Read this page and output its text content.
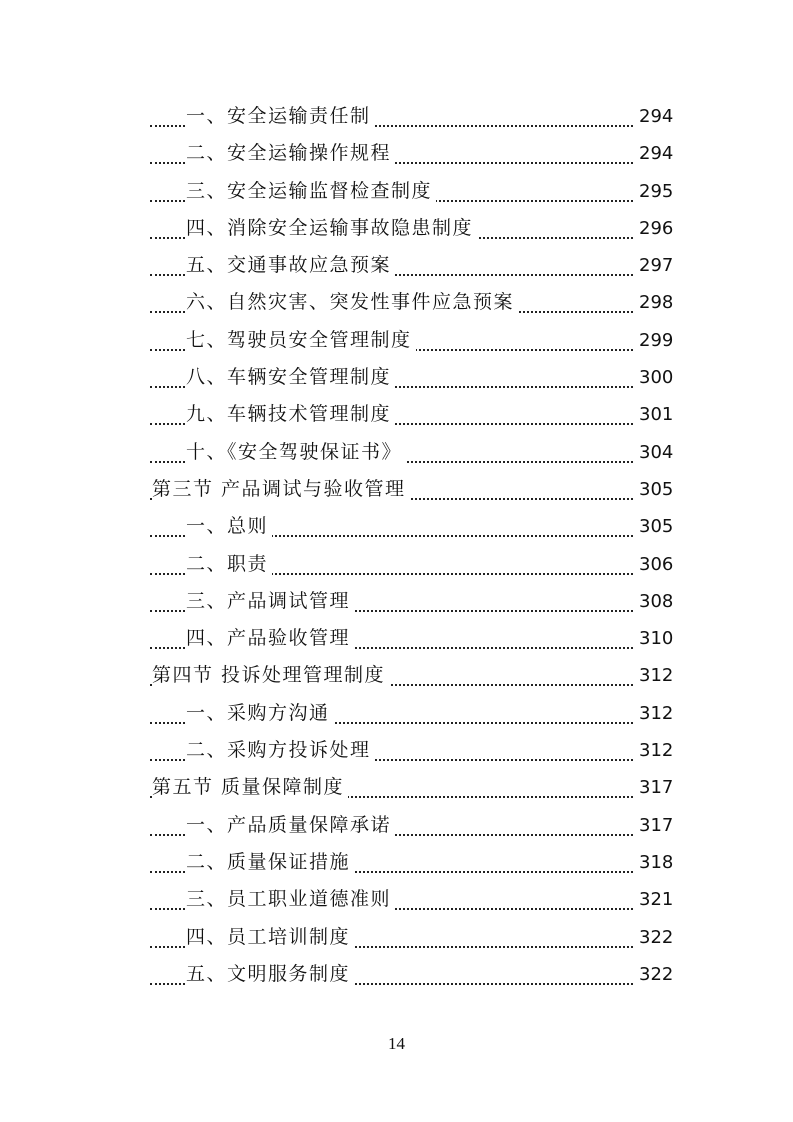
一、安全运输责任制	294
二、安全运输操作规程	294
三、安全运输监督检查制度	295
四、消除安全运输事故隐患制度	296
五、交通事故应急预案	297
六、自然灾害、突发性事件应急预案	298
七、驾驶员安全管理制度	299
八、车辆安全管理制度	300
九、车辆技术管理制度	301
十、《安全驾驶保证书》	304
第三节 产品调试与验收管理	305
一、总则	305
二、职责	306
三、产品调试管理	308
四、产品验收管理	310
第四节 投诉处理管理制度	312
一、采购方沟通	312
二、采购方投诉处理	312
第五节 质量保障制度	317
一、产品质量保障承诺	317
二、质量保证措施	318
三、员工职业道德准则	321
四、员工培训制度	322
五、文明服务制度	322
14
